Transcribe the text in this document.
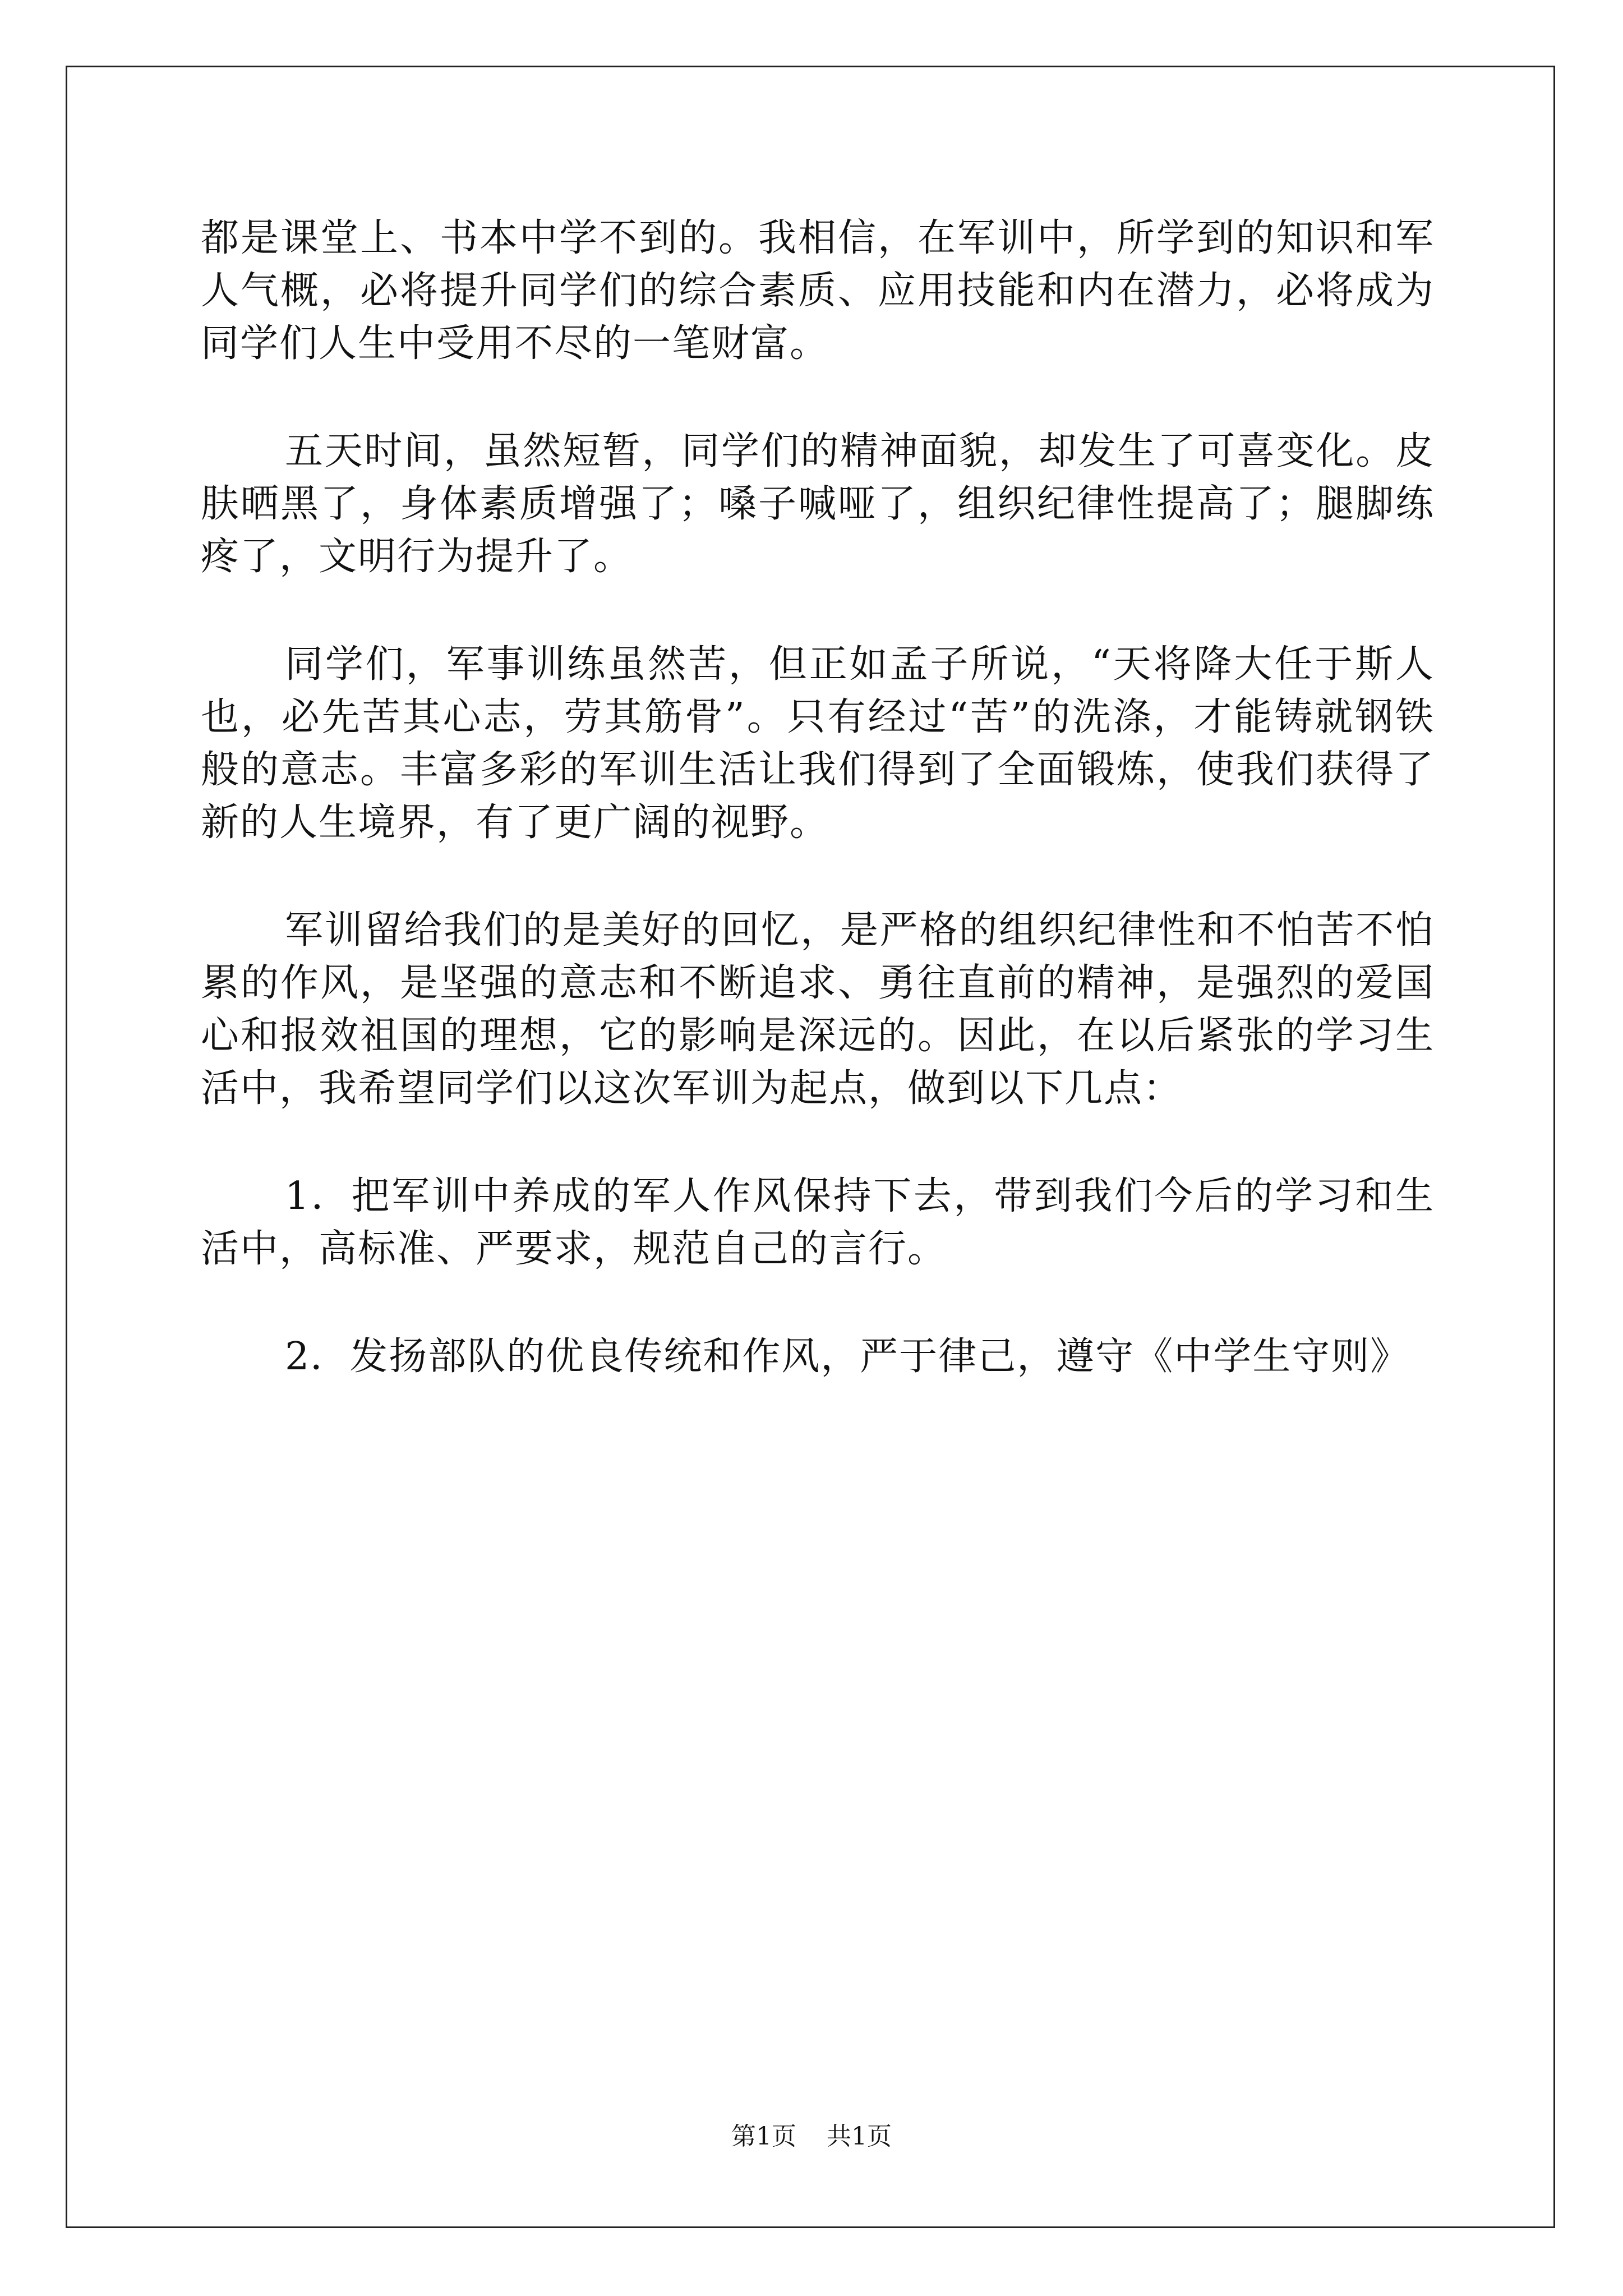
都是课堂上、书本中学不到的。我相信，在军训中，所学到的知识和军人气概，必将提升同学们的综合素质、应用技能和内在潜力，必将成为同学们人生中受用不尽的一笔财富。

五天时间，虽然短暂，同学们的精神面貌，却发生了可喜变化。皮肤晒黑了，身体素质增强了；嗓子喊哑了，组织纪律性提高了；腿脚练疼了，文明行为提升了。

同学们，军事训练虽然苦，但正如孟子所说，“天将降大任于斯人也，必先苦其心志，劳其筋骨”。只有经过“苦”的洗涤，才能铸就钢铁般的意志。丰富多彩的军训生活让我们得到了全面锻炼，使我们获得了新的人生境界，有了更广阔的视野。

军训留给我们的是美好的回忆，是严格的组织纪律性和不怕苦不怕累的作风，是坚强的意志和不断追求、勇往直前的精神，是强烈的爱国心和报效祖国的理想，它的影响是深远的。因此，在以后紧张的学习生活中，我希望同学们以这次军训为起点，做到以下几点：

1．把军训中养成的军人作风保持下去，带到我们今后的学习和生活中，高标准、严要求，规范自己的言行。

2．发扬部队的优良传统和作风，严于律己，遵守《中学生守则》

第1页 共1页
